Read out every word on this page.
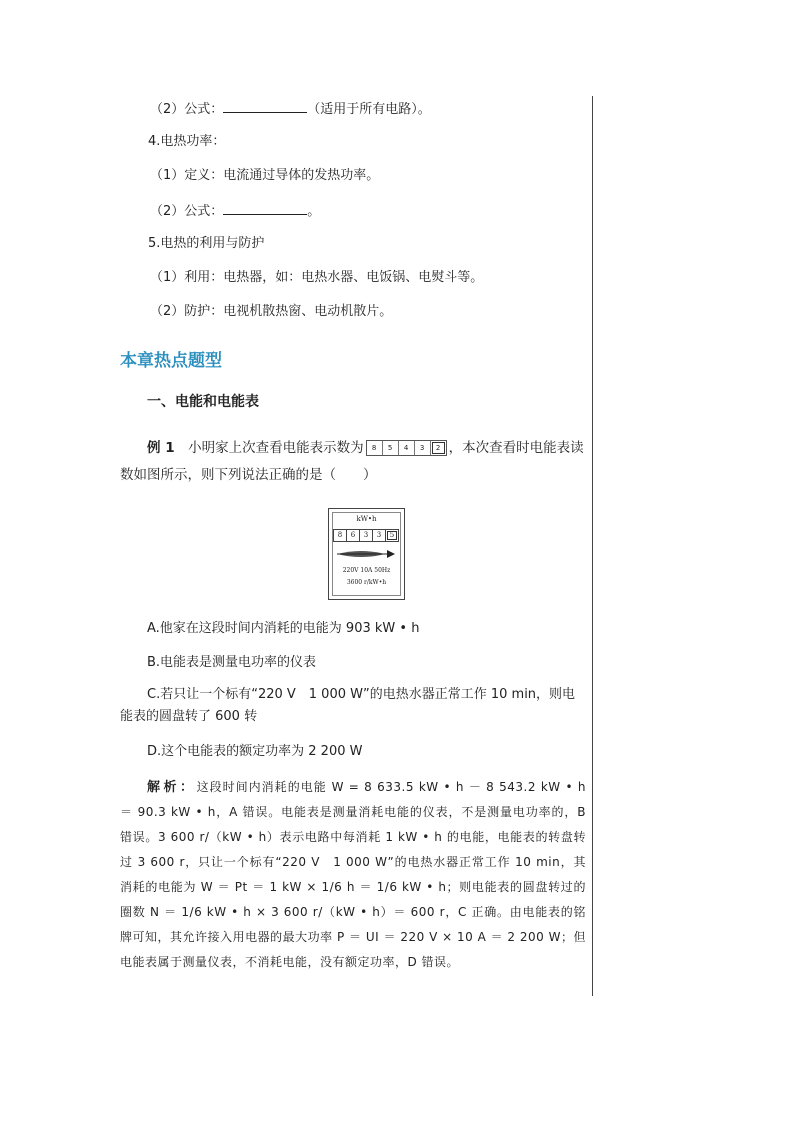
（2）公式：	（适用于所有电路）。
4.电热功率：
（1）定义：电流通过导体的发热功率。
（2）公式：	。
5.电热的利用与防护
（1）利用：电热器，如：电热水器、电饭锅、电熨斗等。
（2）防护：电视机散热窗、电动机散片。
本章热点题型
一、电能和电能表
例 1　 小明家上次查看电能表示数为	8	5	4	3	2 ，本次查看时电能表读数如图所示，则下列说法正确的是（　　）
kW•h
8	6	3	3	5
220V 10A 50Hz
3600 r/kW•h
A.他家在这段时间内消耗的电能为 903 kW • h
B.电能表是测量电功率的仪表
C.若只让一个标有“220 V　1 000 W”的电热水器正常工作 10 min，则电能表的圆盘转了 600 转
D.这个电能表的额定功率为 2 200 W
解析：这段时间内消耗的电能 W = 8 633.5 kW • h － 8 543.2 kW • h ＝ 90.3 kW • h，A 错误。电能表是测量消耗电能的仪表，不是测量电功率的，B 错误。3 600 r/（kW • h）表示电路中每消耗 1 kW • h 的电能，电能表的转盘转过 3 600 r，只让一个标有“220 V　1 000 W”的电热水器正常工作 10 min，其消耗的电能为 W ＝ Pt ＝ 1 kW × 1/6 h ＝ 1/6 kW • h；则电能表的圆盘转过的圈数 N ＝ 1/6 kW • h × 3 600 r/（kW • h）＝ 600 r，C 正确。由电能表的铭牌可知，其允许接入用电器的最大功率 P ＝ UI ＝ 220 V × 10 A ＝ 2 200 W；但电能表属于测量仪表，不消耗电能，没有额定功率，D 错误。
